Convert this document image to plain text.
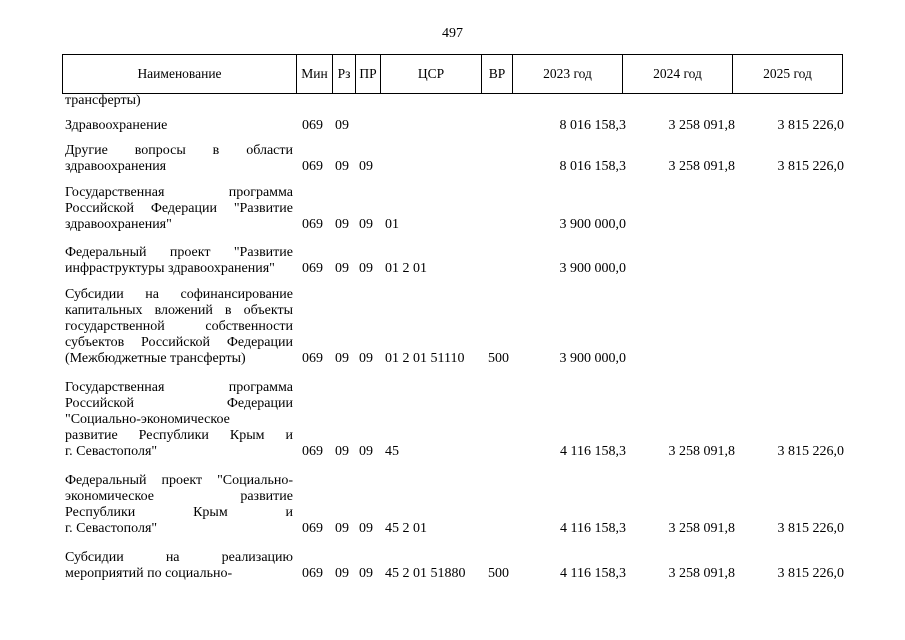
497
Наименование	Мин	Рз	ПР	ЦСР	ВР	2023 год	2024 год	2025 год
трансферты)
Здравоохранение	069 09	8 016 158,3	3 258 091,8	3 815 226,0
Другие вопросы в области
здравоохранения	069 09 09	8 016 158,3	3 258 091,8	3 815 226,0
Государственная программа
Российской Федерации "Развитие
здравоохранения"	069 09 09 01	3 900 000,0
Федеральный проект "Развитие
инфраструктуры здравоохранения"	069 09 09 01 2 01	3 900 000,0
Субсидии на софинансирование
капитальных вложений в объекты
государственной собственности
субъектов Российской Федерации
(Межбюджетные трансферты)	069 09 09 01 2 01 51110 500	3 900 000,0
Государственная программа
Российской Федерации
"Социально-экономическое
развитие Республики Крым и
г. Севастополя"	069 09 09 45	4 116 158,3	3 258 091,8	3 815 226,0
Федеральный проект "Социально-
экономическое развитие
Республики Крым и
г. Севастополя"	069 09 09 45 2 01	4 116 158,3	3 258 091,8	3 815 226,0
Субсидии на реализацию
мероприятий по социально-	069 09 09 45 2 01 51880 500	4 116 158,3	3 258 091,8	3 815 226,0
